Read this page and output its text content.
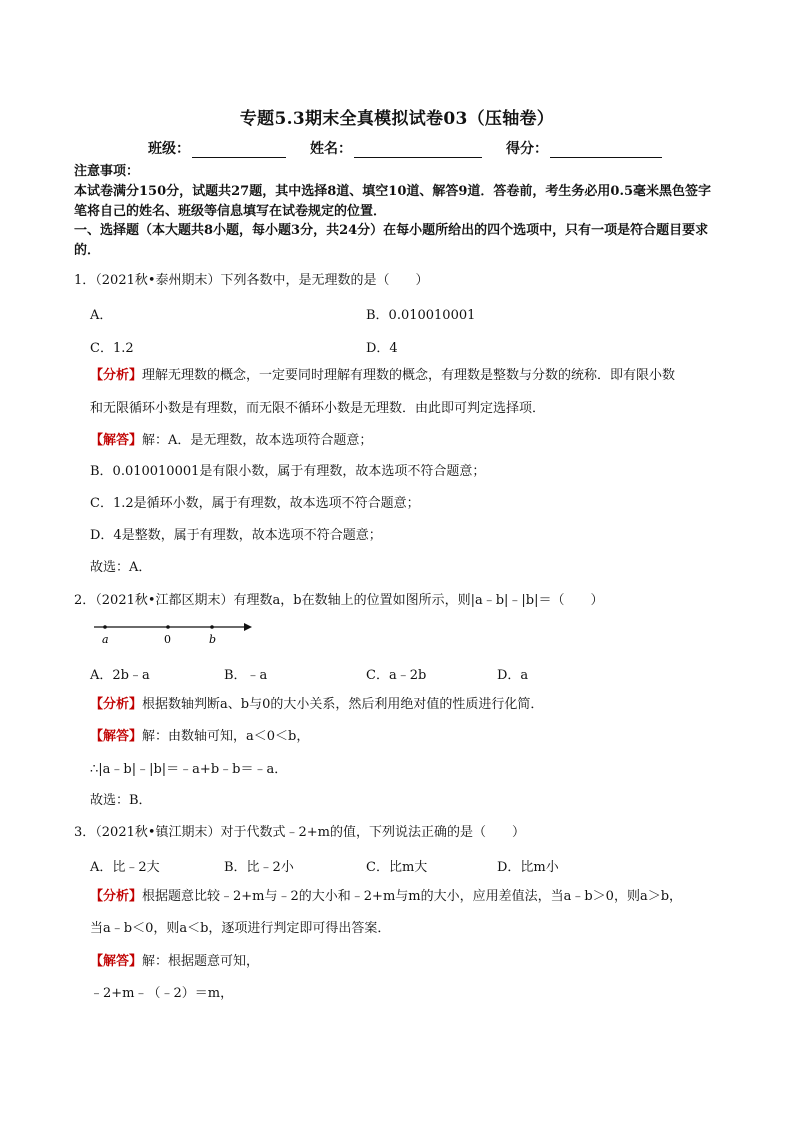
专题5.3期末全真模拟试卷03（压轴卷）
班级：	姓名：	得分：
注意事项：
本试卷满分150分，试题共27题，其中选择8道、填空10道、解答9道．答卷前，考生务必用0.5毫米黑色签字笔将自己的姓名、班级等信息填写在试卷规定的位置．
一、选择题（本大题共8小题，每小题3分，共24分）在每小题所给出的四个选项中，只有一项是符合题目要求的．
1．（2021秋•泰州期末）下列各数中，是无理数的是（　　）
A．	B．0.010010001
C．1.2	D．4
【分析】理解无理数的概念，一定要同时理解有理数的概念，有理数是整数与分数的统称．即有限小数
和无限循环小数是有理数，而无限不循环小数是无理数．由此即可判定选择项．
【解答】解：A．是无理数，故本选项符合题意；
B．0.010010001是有限小数，属于有理数，故本选项不符合题意；
C．1.2是循环小数，属于有理数，故本选项不符合题意；
D．4是整数，属于有理数，故本选项不符合题意；
故选：A．
2．（2021秋•江都区期末）有理数a，b在数轴上的位置如图所示，则|a﹣b|﹣|b|＝（　　）
a	0	b
A．2b﹣a	B．﹣a	C．a﹣2b	D．a
【分析】根据数轴判断a、b与0的大小关系，然后利用绝对值的性质进行化简．
【解答】解：由数轴可知，a＜0＜b，
∴|a﹣b|﹣|b|＝﹣a+b﹣b＝﹣a．
故选：B．
3．（2021秋•镇江期末）对于代数式﹣2+m的值，下列说法正确的是（　　）
A．比﹣2大	B．比﹣2小	C．比m大	D．比m小
【分析】根据题意比较﹣2+m与﹣2的大小和﹣2+m与m的大小，应用差值法，当a﹣b＞0，则a＞b，
当a﹣b＜0，则a＜b，逐项进行判定即可得出答案．
【解答】解：根据题意可知，
﹣2+m﹣（﹣2）＝m，
